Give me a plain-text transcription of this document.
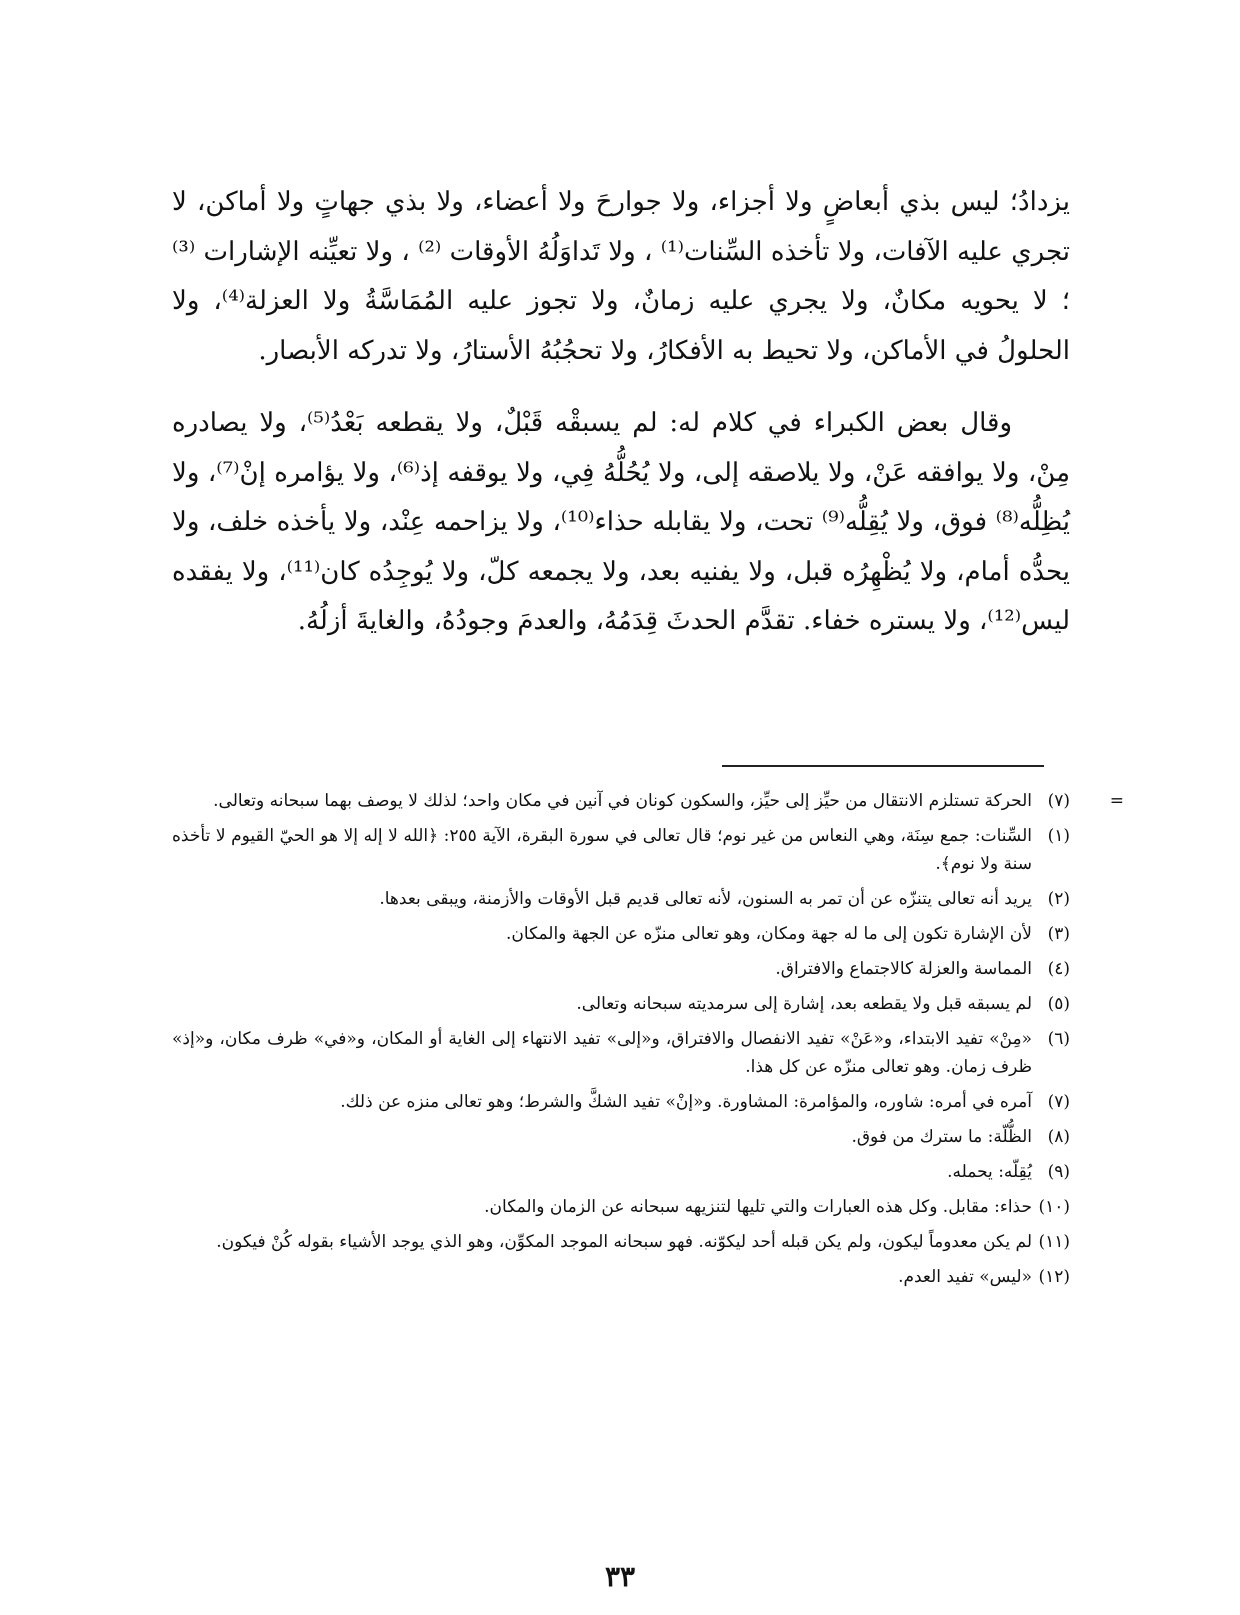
يزدادُ؛ ليس بذي أبعاضٍ ولا أجزاء، ولا جوارحَ ولا أعضاء، ولا بذي جهاتٍ ولا أماكن، لا تجري عليه الآفات، ولا تأخذه السِّنات⁽¹⁾ ، ولا تَداوَلُهُ الأوقات ⁽²⁾ ، ولا تعيِّنه الإشارات ⁽³⁾ ؛ لا يحويه مكانٌ، ولا يجري عليه زمانٌ، ولا تجوز عليه المُمَاسَّةُ ولا العزلة⁽⁴⁾، ولا الحلولُ في الأماكن، ولا تحيط به الأفكارُ، ولا تحجُبُهُ الأستارُ، ولا تدركه الأبصار.

وقال بعض الكبراء في كلام له: لم يسبقْه قَبْلٌ، ولا يقطعه بَعْدُ⁽⁵⁾، ولا يصادره مِنْ، ولا يوافقه عَنْ، ولا يلاصقه إلى، ولا يُحُلُّهُ فِي، ولا يوقفه إذ⁽⁶⁾، ولا يؤامره إنْ⁽⁷⁾، ولا يُظِلُّه⁽⁸⁾ فوق، ولا يُقِلُّه⁽⁹⁾ تحت، ولا يقابله حذاء⁽¹⁰⁾، ولا يزاحمه عِنْد، ولا يأخذه خلف، ولا يحدُّه أمام، ولا يُظْهِرُه قبل، ولا يفنيه بعد، ولا يجمعه كلّ، ولا يُوجِدُه كان⁽¹¹⁾، ولا يفقده ليس⁽¹²⁾، ولا يستره خفاء. تقدَّم الحدثَ قِدَمُهُ، والعدمَ وجودُهُ، والغايةَ أزلُهُ.

=
(٧)
الحركة تستلزم الانتقال من حيِّز إلى حيِّز، والسكون كونان في آنين في مكان واحد؛ لذلك لا يوصف بهما سبحانه وتعالى.
(١)
السِّنات: جمع سِنَة، وهي النعاس من غير نوم؛ قال تعالى في سورة البقرة، الآية ٢٥٥: ﴿الله لا إله إلا هو الحيّ القيوم لا تأخذه سنة ولا نوم﴾.
(٢)
يريد أنه تعالى يتنزّه عن أن تمر به السنون، لأنه تعالى قديم قبل الأوقات والأزمنة، ويبقى بعدها.
(٣)
لأن الإشارة تكون إلى ما له جهة ومكان، وهو تعالى منزّه عن الجهة والمكان.
(٤)
المماسة والعزلة كالاجتماع والافتراق.
(٥)
لم يسبقه قبل ولا يقطعه بعد، إشارة إلى سرمديته سبحانه وتعالى.
(٦)
«مِنْ» تفيد الابتداء، و«عَنْ» تفيد الانفصال والافتراق، و«إلى» تفيد الانتهاء إلى الغاية أو المكان، و«في» ظرف مكان، و«إذ» ظرف زمان. وهو تعالى منزّه عن كل هذا.
(٧)
آمره في أمره: شاوره، والمؤامرة: المشاورة. و«إنْ» تفيد الشكَّ والشرط؛ وهو تعالى منزه عن ذلك.
(٨)
الظُّلّة: ما سترك من فوق.
(٩)
يُقِلّه: يحمله.
(١٠)
حذاء: مقابل. وكل هذه العبارات والتي تليها لتنزيهه سبحانه عن الزمان والمكان.
(١١)
لم يكن معدوماً ليكون، ولم يكن قبله أحد ليكوّنه. فهو سبحانه الموجد المكوِّن، وهو الذي يوجد الأشياء بقوله كُنْ فيكون.
(١٢)
«ليس» تفيد العدم.
٣٣
